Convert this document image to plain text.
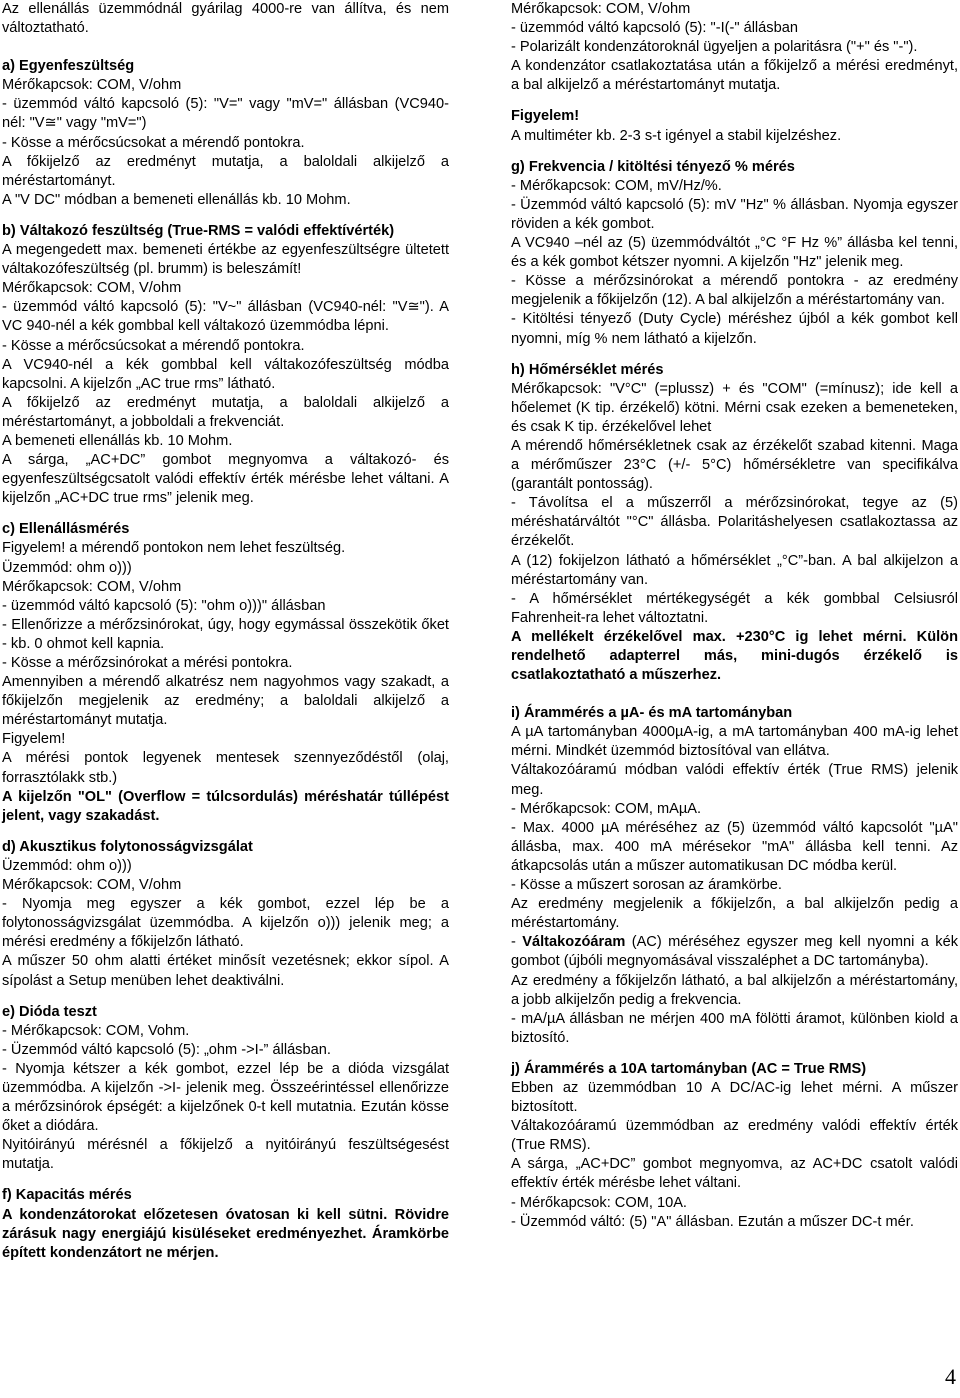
Az ellenállás üzemmódnál gyárilag 4000-re van állítva, és nem változtatható.

a) Egyenfeszültség

Mérőkapcsok: COM, V/ohm

- üzemmód váltó kapcsoló (5): "V=" vagy "mV=" állásban (VC940-nél: "V≅" vagy "mV=")

- Kösse a mérőcsúcsokat a mérendő pontokra.

A főkijelző az eredményt mutatja, a baloldali alkijelző a méréstartományt.

A "V DC" módban a bemeneti ellenállás kb. 10 Mohm.

b) Váltakozó feszültség (True-RMS = valódi effektívérték)

A megengedett max. bemeneti értékbe az egyenfeszültségre ültetett váltakozófeszültség (pl. brumm) is beleszámít!

Mérőkapcsok: COM, V/ohm

- üzemmód váltó kapcsoló (5): "V~" állásban (VC940-nél: "V≅"). A VC 940-nél a kék gombbal kell váltakozó üzemmódba lépni.

- Kösse a mérőcsúcsokat a mérendő pontokra.

A VC940-nél a kék gombbal kell váltakozófeszültség módba kapcsolni. A kijelzőn „AC true rms” látható.

A főkijelző az eredményt mutatja, a baloldali alkijelző a méréstartományt, a jobboldali a frekvenciát.

A bemeneti ellenállás kb. 10 Mohm.

A sárga, „AC+DC” gombot megnyomva a váltakozó- és egyenfeszültségcsatolt valódi effektív érték mérésbe lehet váltani. A kijelzőn „AC+DC true rms” jelenik meg.

c) Ellenállásmérés

Figyelem! a mérendő pontokon nem lehet feszültség.

Üzemmód: ohm o)))

Mérőkapcsok: COM, V/ohm

- üzemmód váltó kapcsoló (5): "ohm o)))" állásban

- Ellenőrizze a mérőzsinórokat, úgy, hogy egymással összekötik őket - kb. 0 ohmot kell kapnia.

- Kösse a mérőzsinórokat a mérési pontokra.

Amennyiben a mérendő alkatrész nem nagyohmos vagy szakadt, a főkijelzőn megjelenik az eredmény; a baloldali alkijelző a méréstartományt mutatja.

Figyelem!

A mérési pontok legyenek mentesek szennyeződéstől (olaj, forrasztólakk stb.)

A kijelzőn "OL" (Overflow = túlcsordulás) méréshatár túllépést jelent, vagy szakadást.

d) Akusztikus folytonosságvizsgálat

Üzemmód: ohm o)))

Mérőkapcsok: COM, V/ohm

- Nyomja meg egyszer a kék gombot, ezzel lép be a folytonosságvizsgálat üzemmódba. A kijelzőn o))) jelenik meg; a mérési eredmény a főkijelzőn látható.

A műszer 50 ohm alatti értéket minősít vezetésnek; ekkor sípol. A sípolást a Setup menüben lehet deaktiválni.

e) Dióda teszt

- Mérőkapcsok: COM, Vohm.

- Üzemmód váltó kapcsoló (5): „ohm ->I-” állásban.

- Nyomja kétszer a kék gombot, ezzel lép be a dióda vizsgálat üzemmódba. A kijelzőn ->I- jelenik meg. Összeérintéssel ellenőrizze a mérőzsinórok épségét: a kijelzőnek 0-t kell mutatnia. Ezután kösse őket a diódára.

Nyitóirányú mérésnél a főkijelző a nyitóirányú feszültségesést mutatja.

f) Kapacitás mérés

A kondenzátorokat előzetesen óvatosan ki kell sütni. Rövidre zárásuk nagy energiájú kisüléseket eredményezhet. Áramkörbe épített kondenzátort ne mérjen.

Mérőkapcsok: COM, V/ohm

- üzemmód váltó kapcsoló (5): "-I(-" állásban

- Polarizált kondenzátoroknál ügyeljen a polaritásra ("+" és "-").

A kondenzátor csatlakoztatása után a főkijelző a mérési eredményt, a bal alkijelző a méréstartományt mutatja.

Figyelem!

A multiméter kb. 2-3 s-t igényel a stabil kijelzéshez.

g) Frekvencia / kitöltési tényező % mérés

- Mérőkapcsok: COM, mV/Hz/%.

- Üzemmód váltó kapcsoló (5): mV "Hz" % állásban. Nyomja egyszer röviden a kék gombot.

A VC940 –nél az (5) üzemmódváltót „°C °F Hz %” állásba kel tenni, és a kék gombot kétszer nyomni. A kijelzőn "Hz" jelenik meg.

- Kösse a mérőzsinórokat a mérendő pontokra - az eredmény megjelenik a főkijelzőn (12). A bal alkijelzőn a méréstartomány van.

- Kitöltési tényező (Duty Cycle) méréshez újból a kék gombot kell nyomni, míg % nem látható a kijelzőn.

h) Hőmérséklet mérés

Mérőkapcsok: "V°C" (=plussz) + és "COM" (=mínusz); ide kell a hőelemet (K tip. érzékelő) kötni. Mérni csak ezeken a bemeneteken, és csak K tip. érzékelővel lehet

A mérendő hőmérsékletnek csak az érzékelőt szabad kitenni. Maga a mérőműszer 23°C (+/- 5°C) hőmérsékletre van specifikálva (garantált pontosság).

- Távolítsa el a műszerről a mérőzsinórokat, tegye az (5) méréshatárváltót "°C" állásba. Polaritáshelyesen csatlakoztassa az érzékelőt.

A (12) fokijelzon látható a hőmérséklet „°C”-ban. A bal alkijelzon a méréstartomány van.

- A hőmérséklet mértékegységét a kék gombbal Celsiusról Fahrenheit-ra lehet változtatni.

A mellékelt érzékelővel max. +230°C ig lehet mérni. Külön rendelhető adapterrel más, mini-dugós érzékelő is csatlakoztatható a műszerhez.

i) Árammérés a µA- és mA tartományban

A µA tartományban 4000µA-ig, a mA tartományban 400 mA-ig lehet mérni. Mindkét üzemmód biztosítóval van ellátva.

Váltakozóáramú módban valódi effektív érték (True RMS) jelenik meg.

- Mérőkapcsok: COM, mAµA.

- Max. 4000 µA méréséhez az (5) üzemmód váltó kapcsolót "µA" állásba, max. 400 mA mérésekor "mA" állásba kell tenni. Az átkapcsolás után a műszer automatikusan DC módba kerül.

- Kösse a műszert sorosan az áramkörbe.

Az eredmény megjelenik a főkijelzőn, a bal alkijelzőn pedig a méréstartomány.

- Váltakozóáram (AC) méréséhez egyszer meg kell nyomni a kék gombot (újbóli megnyomásával visszaléphet a DC tartományba).

Az eredmény a főkijelzőn látható, a bal alkijelzőn a méréstartomány, a jobb alkijelzőn pedig a frekvencia.

- mA/µA állásban ne mérjen 400 mA fölötti áramot, különben kiold a biztosító.

j) Árammérés a 10A tartományban (AC = True RMS)

Ebben az üzemmódban 10 A DC/AC-ig lehet mérni. A műszer biztosított.

Váltakozóáramú üzemmódban az eredmény valódi effektív érték (True RMS).

A sárga, „AC+DC” gombot megnyomva, az AC+DC csatolt valódi effektív érték mérésbe lehet váltani.

- Mérőkapcsok: COM, 10A.

- Üzemmód váltó: (5) "A" állásban. Ezután a műszer DC-t mér.

4
